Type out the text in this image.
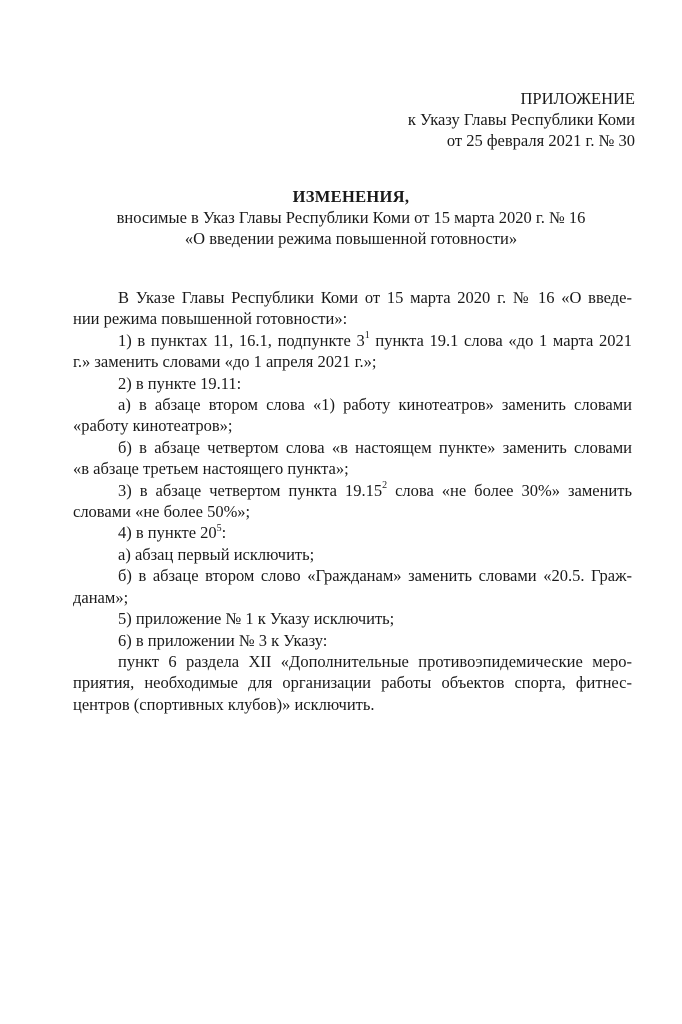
ПРИЛОЖЕНИЕ
к Указу Главы Республики Коми
от 25 февраля 2021 г. № 30
ИЗМЕНЕНИЯ,
вносимые в Указ Главы Республики Коми от 15 марта 2020 г. № 16
«О введении режима повышенной готовности»

В Указе Главы Республики Коми от 15 марта 2020 г. № 16 «О введе-
нии режима повышенной готовности»:

1) в пунктах 11, 16.1, подпункте $3^1$ пункта 19.1 слова «до 1 марта 2021
г.» заменить словами «до 1 апреля 2021 г.»;

2) в пункте 19.11:

а) в абзаце втором слова «1) работу кинотеатров» заменить словами
«работу кинотеатров»;

б) в абзаце четвертом слова «в настоящем пункте» заменить словами
«в абзаце третьем настоящего пункта»;

3) в абзаце четвертом пункта 19.15$^2$ слова «не более 30%» заменить
словами «не более 50%»;

4) в пункте $20^5$:

а) абзац первый исключить;

б) в абзаце втором слово «Гражданам» заменить словами «20.5. Граж-
данам»;

5) приложение № 1 к Указу исключить;

6) в приложении № 3 к Указу:

пункт 6 раздела XII «Дополнительные противоэпидемические меро-
приятия, необходимые для организации работы объектов спорта, фитнес-
центров (спортивных клубов)» исключить.
